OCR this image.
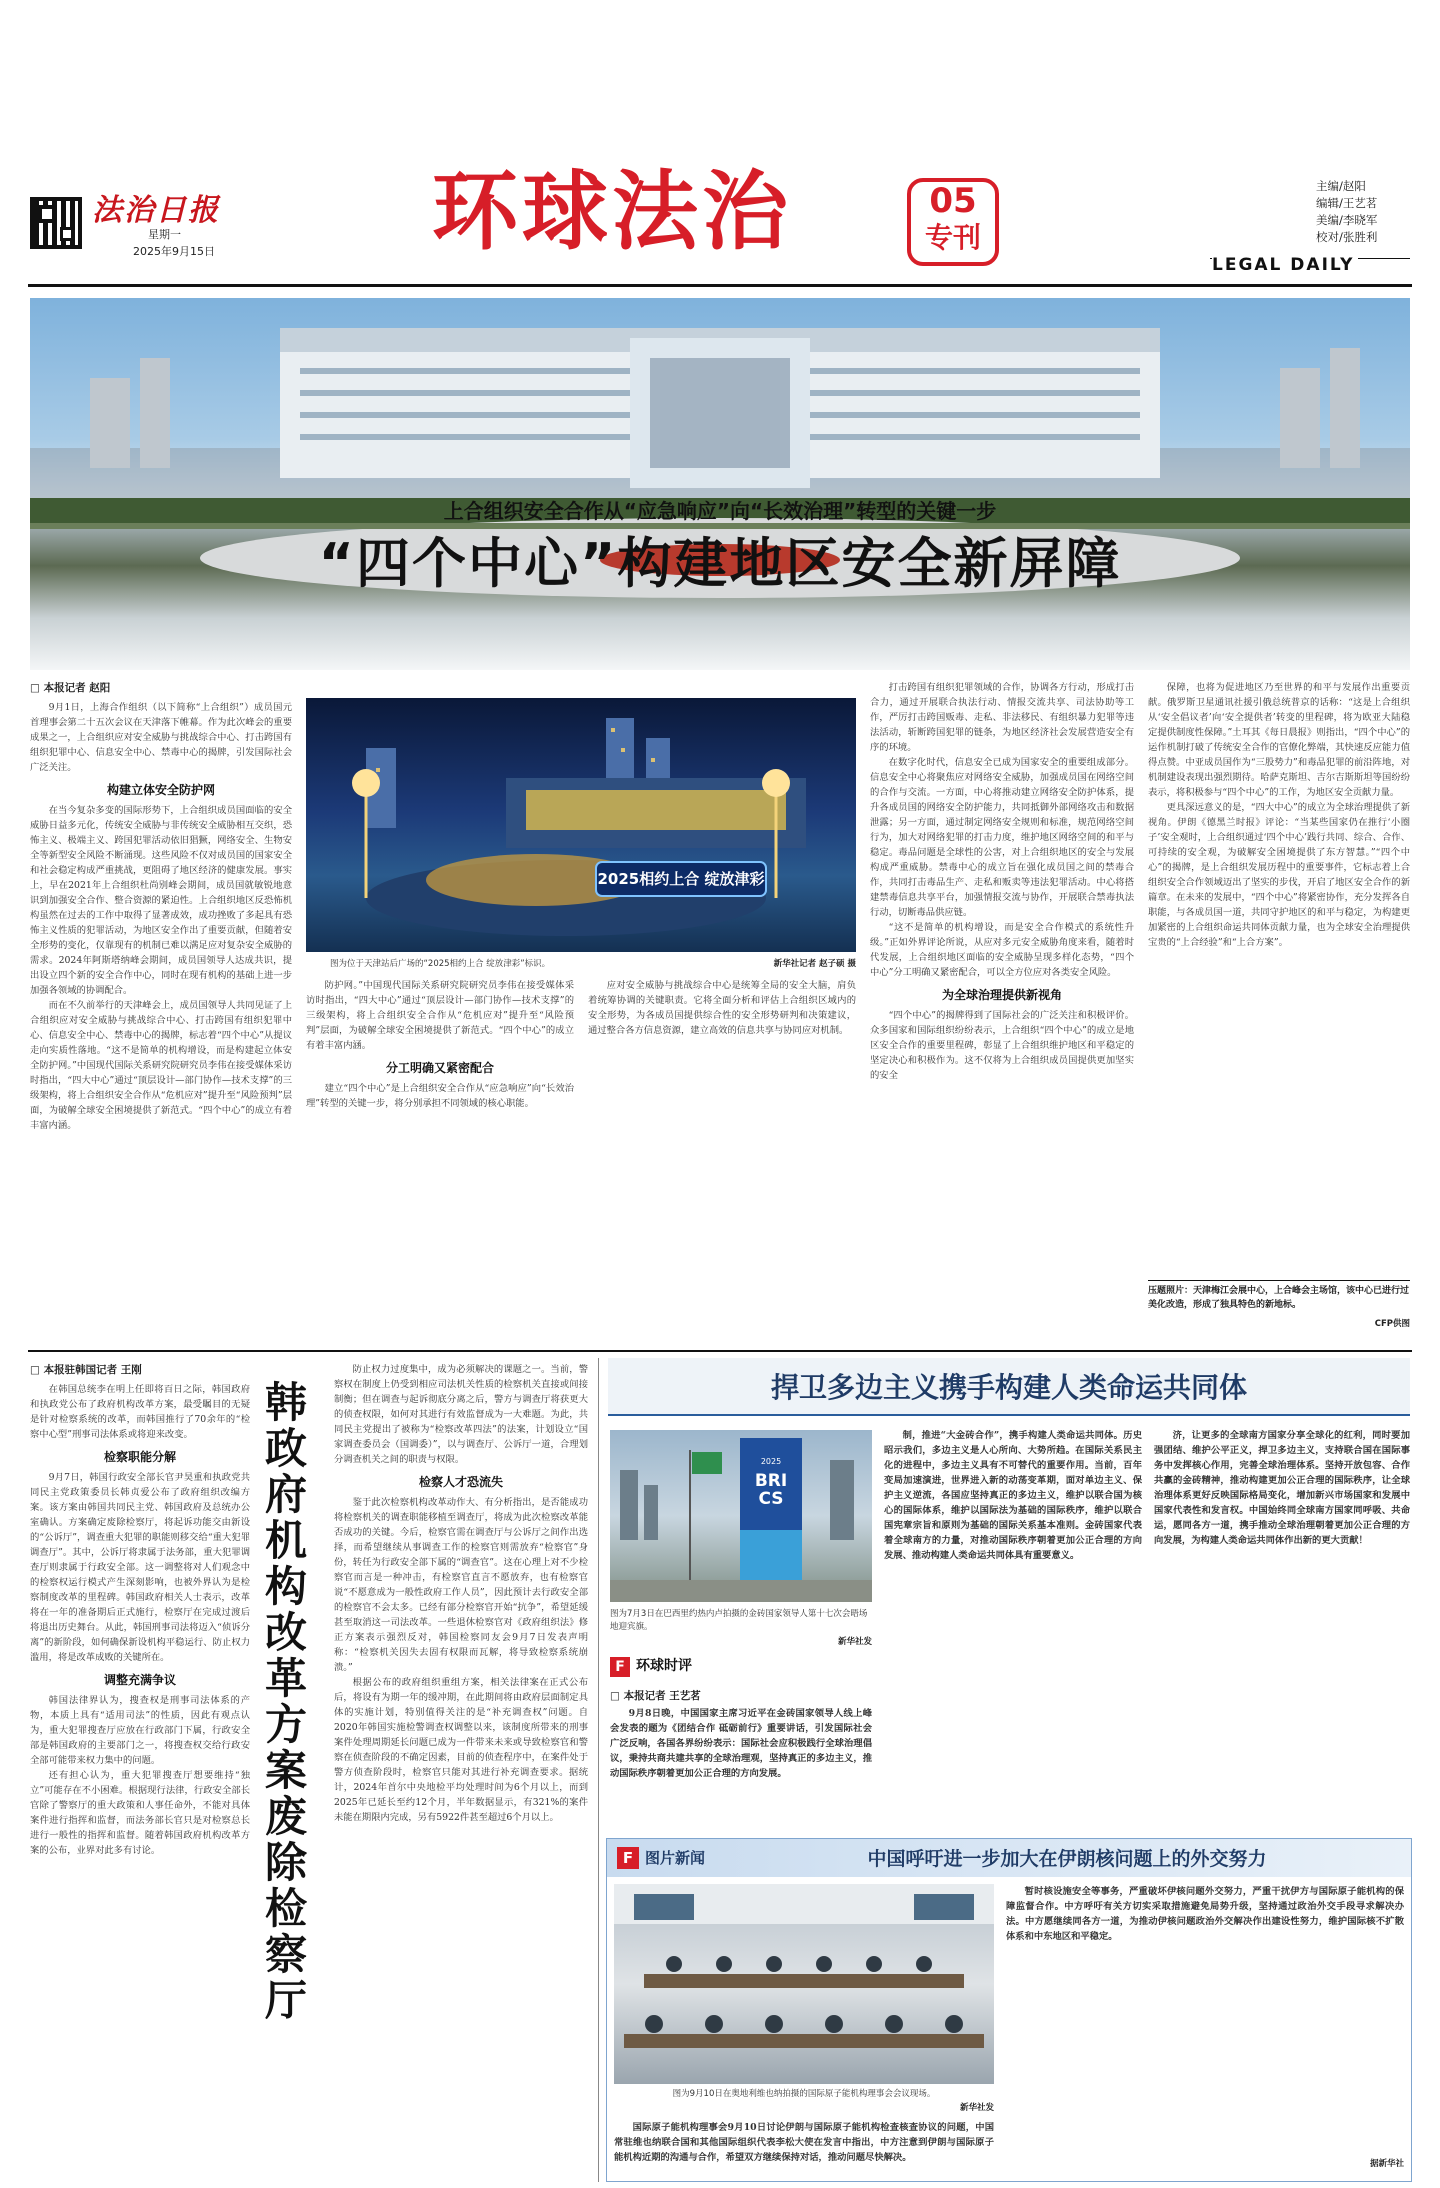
法治日报
星期一
2025年9月15日	环球法治	05
专刊
主编/赵阳
编辑/王艺茗
美编/李晓军
校对/张胜利
LEGAL DAILY
上合组织安全合作从“应急响应”向“长效治理”转型的关键一步
“四个中心”构建地区安全新屏障
□ 本报记者 赵阳

9月1日，上海合作组织（以下简称“上合组织”）成员国元首理事会第二十五次会议在天津落下帷幕。作为此次峰会的重要成果之一，上合组织应对安全威胁与挑战综合中心、打击跨国有组织犯罪中心、信息安全中心、禁毒中心的揭牌，引发国际社会广泛关注。

构建立体安全防护网

在当今复杂多变的国际形势下，上合组织成员国面临的安全威胁日益多元化，传统安全威胁与非传统安全威胁相互交织，恐怖主义、极端主义、跨国犯罪活动依旧猖獗，网络安全、生物安全等新型安全风险不断涌现。这些风险不仅对成员国的国家安全和社会稳定构成严重挑战，更阻碍了地区经济的健康发展。事实上，早在2021年上合组织杜尚别峰会期间，成员国就敏锐地意识到加强安全合作、整合资源的紧迫性。上合组织地区反恐怖机构虽然在过去的工作中取得了显著成效，成功挫败了多起具有恐怖主义性质的犯罪活动，为地区安全作出了重要贡献，但随着安全形势的变化，仅靠现有的机制已难以满足应对复杂安全威胁的需求。2024年阿斯塔纳峰会期间，成员国领导人达成共识，提出设立四个新的安全合作中心，同时在现有机构的基础上进一步加强各领域的协调配合。

而在不久前举行的天津峰会上，成员国领导人共同见证了上合组织应对安全威胁与挑战综合中心、打击跨国有组织犯罪中心、信息安全中心、禁毒中心的揭牌，标志着“四个中心”从提议走向实质性落地。“这不是简单的机构增设，而是构建起立体安全防护网。”中国现代国际关系研究院研究员李伟在接受媒体采访时指出，“四大中心”通过“顶层设计—部门协作—技术支撑”的三级架构，将上合组织安全合作从“危机应对”提升至“风险预判”层面，为破解全球安全困境提供了新范式。“四个中心”的成立有着丰富内涵。

2025相约上合 绽放津彩
图为位于天津站后广场的“2025相约上合 绽放津彩”标识。	新华社记者 赵子硕 摄

防护网。”中国现代国际关系研究院研究员李伟在接受媒体采访时指出，“四大中心”通过“顶层设计—部门协作—技术支撑”的三级架构，将上合组织安全合作从“危机应对”提升至“风险预判”层面，为破解全球安全困境提供了新范式。“四个中心”的成立有着丰富内涵。

分工明确又紧密配合

建立“四个中心”是上合组织安全合作从“应急响应”向“长效治理”转型的关键一步，将分别承担不同领域的核心职能。

应对安全威胁与挑战综合中心是统筹全局的安全大脑，肩负着统筹协调的关键职责。它将全面分析和评估上合组织区域内的安全形势，为各成员国提供综合性的安全形势研判和决策建议，通过整合各方信息资源，建立高效的信息共享与协同应对机制。

打击跨国有组织犯罪领域的合作，协调各方行动，形成打击合力，通过开展联合执法行动、情报交流共享、司法协助等工作，严厉打击跨国贩毒、走私、非法移民、有组织暴力犯罪等违法活动，斩断跨国犯罪的链条，为地区经济社会发展营造安全有序的环境。

在数字化时代，信息安全已成为国家安全的重要组成部分。信息安全中心将聚焦应对网络安全威胁，加强成员国在网络空间的合作与交流。一方面，中心将推动建立网络安全防护体系，提升各成员国的网络安全防护能力，共同抵御外部网络攻击和数据泄露；另一方面，通过制定网络安全规则和标准，规范网络空间行为，加大对网络犯罪的打击力度，维护地区网络空间的和平与稳定。毒品问题是全球性的公害，对上合组织地区的安全与发展构成严重威胁。禁毒中心的成立旨在强化成员国之间的禁毒合作，共同打击毒品生产、走私和贩卖等违法犯罪活动。中心将搭建禁毒信息共享平台，加强情报交流与协作，开展联合禁毒执法行动，切断毒品供应链。

“这不是简单的机构增设，而是安全合作模式的系统性升级。”正如外界评论所说，从应对多元安全威胁角度来看，随着时代发展，上合组织地区面临的安全威胁呈现多样化态势，“四个中心”分工明确又紧密配合，可以全方位应对各类安全风险。

为全球治理提供新视角

“四个中心”的揭牌得到了国际社会的广泛关注和积极评价。众多国家和国际组织纷纷表示，上合组织“四个中心”的成立是地区安全合作的重要里程碑，彰显了上合组织维护地区和平稳定的坚定决心和积极作为。这不仅将为上合组织成员国提供更加坚实的安全

保障，也将为促进地区乃至世界的和平与发展作出重要贡献。俄罗斯卫星通讯社援引俄总统普京的话称：“这是上合组织从‘安全倡议者’向‘安全提供者’转变的里程碑，将为欧亚大陆稳定提供制度性保障。”土耳其《每日晨报》则指出，“四个中心”的运作机制打破了传统安全合作的官僚化弊端，其快速反应能力值得点赞。中亚成员国作为“三股势力”和毒品犯罪的前沿阵地，对机制建设表现出强烈期待。哈萨克斯坦、吉尔吉斯斯坦等国纷纷表示，将积极参与“四个中心”的工作，为地区安全贡献力量。

更具深远意义的是，“四大中心”的成立为全球治理提供了新视角。伊朗《德黑兰时报》评论：“当某些国家仍在推行‘小圈子’安全观时，上合组织通过‘四个中心’践行共同、综合、合作、可持续的安全观，为破解安全困境提供了东方智慧。”“四个中心”的揭牌，是上合组织发展历程中的重要事件，它标志着上合组织安全合作领域迈出了坚实的步伐，开启了地区安全合作的新篇章。在未来的发展中，“四个中心”将紧密协作，充分发挥各自职能，与各成员国一道，共同守护地区的和平与稳定，为构建更加紧密的上合组织命运共同体贡献力量，也为全球安全治理提供宝贵的“上合经验”和“上合方案”。

压题照片：天津梅江会展中心，上合峰会主场馆，该中心已进行过美化改造，形成了独具特色的新地标。
CFP供图
□ 本报驻韩国记者 王刚

在韩国总统李在明上任即将百日之际，韩国政府和执政党公布了政府机构改革方案，最受瞩目的无疑是针对检察系统的改革，而韩国推行了70余年的“检察中心型”刑事司法体系或将迎来改变。

检察职能分解

9月7日，韩国行政安全部长官尹昊重和执政党共同民主党政策委员长韩贞爱公布了政府组织改编方案。该方案由韩国共同民主党、韩国政府及总统办公室确认。方案确定废除检察厅，将起诉功能交由新设的“公诉厅”，调查重大犯罪的职能则移交给“重大犯罪调查厅”。其中，公诉厅将隶属于法务部，重大犯罪调查厅则隶属于行政安全部。这一调整将对人们观念中的检察权运行模式产生深刻影响，也被外界认为是检察制度改革的里程碑。韩国政府相关人士表示，改革将在一年的准备期后正式施行，检察厅在完成过渡后将退出历史舞台。从此，韩国刑事司法将迈入“侦诉分离”的新阶段，如何确保新设机构平稳运行、防止权力滥用，将是改革成败的关键所在。

调整充满争议

韩国法律界认为，搜查权是刑事司法体系的产物，本质上具有“适用司法”的性质，因此有观点认为，重大犯罪搜查厅应放在行政部门下属，行政安全部是韩国政府的主要部门之一，将搜查权交给行政安全部可能带来权力集中的问题。

还有担心认为，重大犯罪搜查厅想要维持“独立”可能存在不小困难。根据现行法律，行政安全部长官除了警察厅的重大政策和人事任命外，不能对具体案件进行指挥和监督，而法务部长官只是对检察总长进行一般性的指挥和监督。随着韩国政府机构改革方案的公布，业界对此多有讨论。

韩政府机构改革方案废除检察厅

防止权力过度集中，成为必须解决的课题之一。当前，警察权在制度上仍受到相应司法机关性质的检察机关直接或间接制衡；但在调查与起诉彻底分离之后，警方与调查厅将获更大的侦查权限，如何对其进行有效监督成为一大难题。为此，共同民主党提出了被称为“检察改革四法”的法案，计划设立“国家调查委员会（国调委）”，以与调查厅、公诉厅一道，合理划分调查机关之间的职责与权限。

检察人才恐流失

鉴于此次检察机构改革动作大、有分析指出，是否能成功将检察机关的调查职能移植至调查厅，将成为此次检察改革能否成功的关键。今后，检察官需在调查厅与公诉厅之间作出选择，而希望继续从事调查工作的检察官则需放弃“检察官”身份，转任为行政安全部下属的“调查官”。这在心理上对不少检察官而言是一种冲击，有检察官直言不愿放弃，也有检察官说“不愿意成为一般性政府工作人员”，因此预计去行政安全部的检察官不会太多。已经有部分检察官开始“抗争”，希望延缓甚至取消这一司法改革。一些退休检察官对《政府组织法》修正方案表示强烈反对，韩国检察同友会9月7日发表声明称：“检察机关因失去固有权限而瓦解，将导致检察系统崩溃。”

根据公布的政府组织重组方案，相关法律案在正式公布后，将设有为期一年的缓冲期，在此期间将由政府层面制定具体的实施计划，特别值得关注的是“补充调查权”问题。自2020年韩国实施检警调查权调整以来，该制度所带来的刑事案件处理周期延长问题已成为一件带来未来或导致检察官和警察在侦查阶段的不确定因素，目前的侦查程序中，在案件处于警方侦查阶段时，检察官只能对其进行补充调查要求。据统计，2024年首尔中央地检平均处理时间为6个月以上，而到2025年已延长至约12个月，半年数据显示，有321%的案件未能在期限内完成，另有5922件甚至超过6个月以上。

捍卫多边主义携手构建人类命运共同体
2025
BRICS
图为7月3日在巴西里约热内卢拍摄的金砖国家领导人第十七次会晤场地迎宾旗。
新华社发
F 环球时评
□ 本报记者 王艺茗

9月8日晚，中国国家主席习近平在金砖国家领导人线上峰会发表的题为《团结合作 砥砺前行》重要讲话，引发国际社会广泛反响，各国各界纷纷表示：国际社会应积极践行全球治理倡议，秉持共商共建共享的全球治理观，坚持真正的多边主义，推动国际秩序朝着更加公正合理的方向发展。

制，推进“大金砖合作”，携手构建人类命运共同体。历史昭示我们，多边主义是人心所向、大势所趋。在国际关系民主化的进程中，多边主义具有不可替代的重要作用。当前，百年变局加速演进，世界进入新的动荡变革期，面对单边主义、保护主义逆流，各国应坚持真正的多边主义，维护以联合国为核心的国际体系，维护以国际法为基础的国际秩序，维护以联合国宪章宗旨和原则为基础的国际关系基本准则。金砖国家代表着全球南方的力量，对推动国际秩序朝着更加公正合理的方向发展、推动构建人类命运共同体具有重要意义。

济，让更多的全球南方国家分享全球化的红利，同时要加强团结、维护公平正义，捍卫多边主义，支持联合国在国际事务中发挥核心作用，完善全球治理体系。坚持开放包容、合作共赢的金砖精神，推动构建更加公正合理的国际秩序，让全球治理体系更好反映国际格局变化，增加新兴市场国家和发展中国家代表性和发言权。中国始终同全球南方国家同呼吸、共命运，愿同各方一道，携手推动全球治理朝着更加公正合理的方向发展，为构建人类命运共同体作出新的更大贡献！

F 图片新闻	中国呼吁进一步加大在伊朗核问题上的外交努力
图为9月10日在奥地利维也纳拍摄的国际原子能机构理事会会议现场。
新华社发

国际原子能机构理事会9月10日讨论伊朗与国际原子能机构检查核查协议的问题，中国常驻维也纳联合国和其他国际组织代表李松大使在发言中指出，中方注意到伊朗与国际原子能机构近期的沟通与合作，希望双方继续保持对话，推动问题尽快解决。

暂时核设施安全等事务，严重破坏伊核问题外交努力，严重干扰伊方与国际原子能机构的保障监督合作。中方呼吁有关方切实采取措施避免局势升级，坚持通过政治外交手段寻求解决办法。中方愿继续同各方一道，为推动伊核问题政治外交解决作出建设性努力，维护国际核不扩散体系和中东地区和平稳定。

据新华社
